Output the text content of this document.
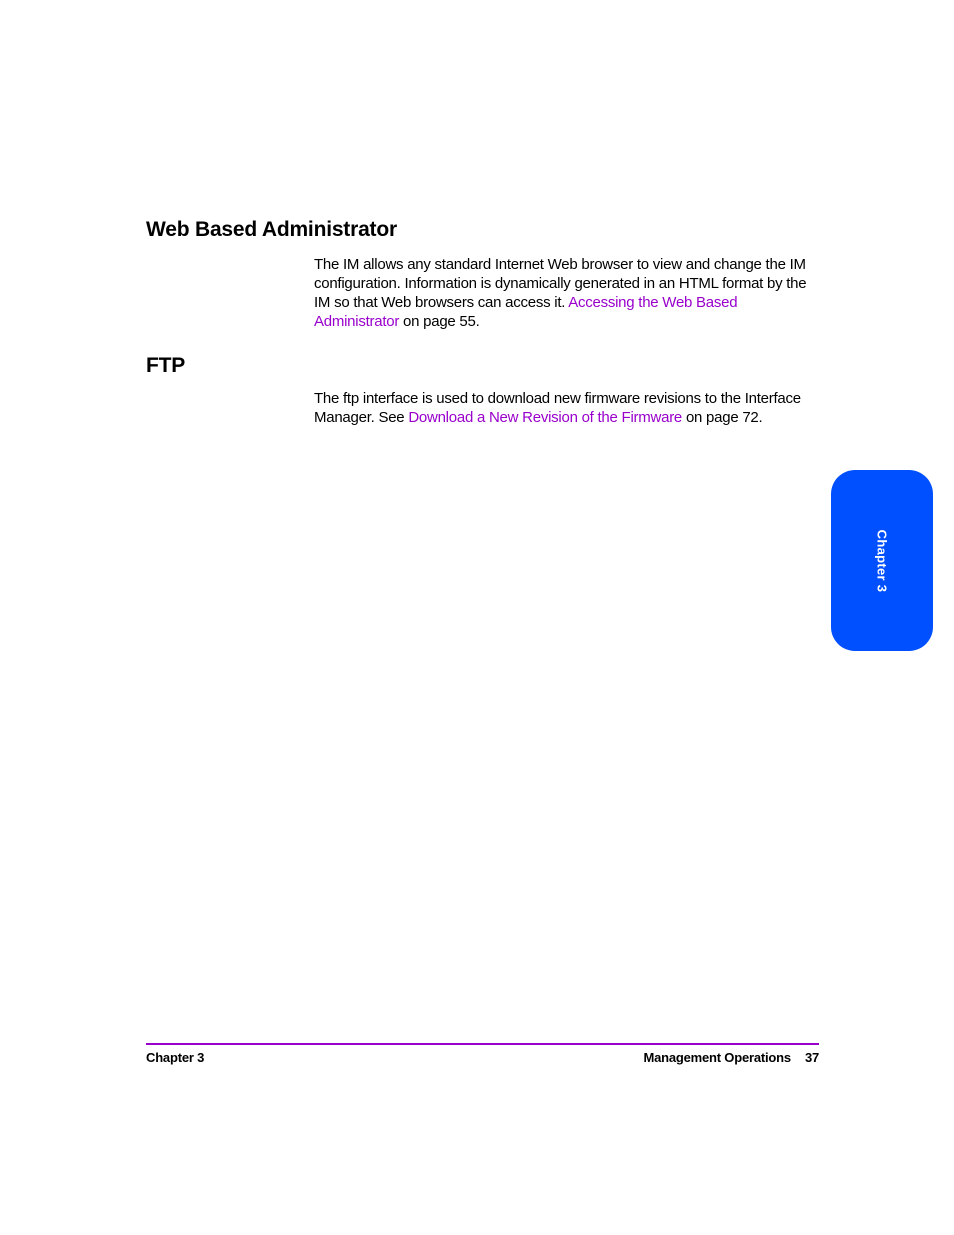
Web Based Administrator

The IM allows any standard Internet Web browser to view and change the IM configuration. Information is dynamically generated in an HTML format by the IM so that Web browsers can access it. Accessing the Web Based Administrator on page 55.

FTP

The ftp interface is used to download new firmware revisions to the Interface Manager. See Download a New Revision of the Firmware on page 72.

Chapter 3
Chapter 3	Management Operations 37
